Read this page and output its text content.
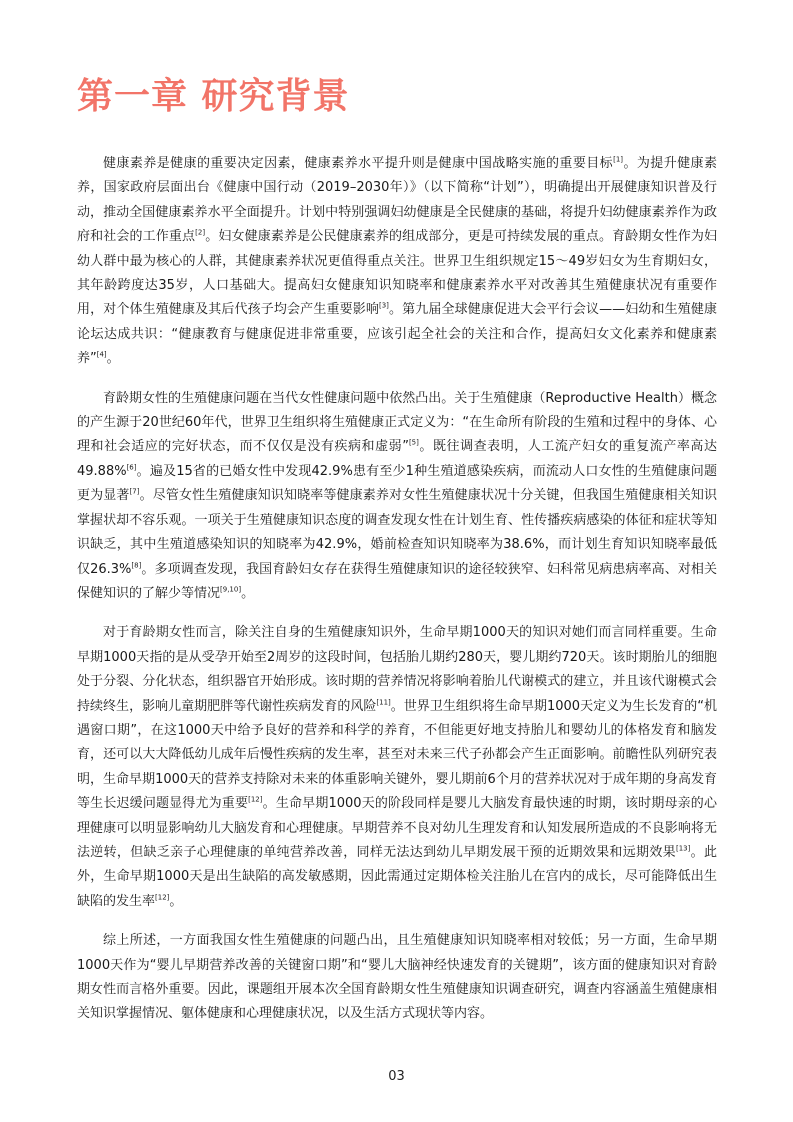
第一章 研究背景

健康素养是健康的重要决定因素，健康素养水平提升则是健康中国战略实施的重要目标[1]。为提升健康素养，国家政府层面出台《健康中国行动（2019–2030年）》（以下简称“计划”），明确提出开展健康知识普及行动，推动全国健康素养水平全面提升。计划中特别强调妇幼健康是全民健康的基础，将提升妇幼健康素养作为政府和社会的工作重点[2]。妇女健康素养是公民健康素养的组成部分，更是可持续发展的重点。育龄期女性作为妇幼人群中最为核心的人群，其健康素养状况更值得重点关注。世界卫生组织规定15～49岁妇女为生育期妇女，其年龄跨度达35岁，人口基础大。提高妇女健康知识知晓率和健康素养水平对改善其生殖健康状况有重要作用，对个体生殖健康及其后代孩子均会产生重要影响[3]。第九届全球健康促进大会平行会议——妇幼和生殖健康论坛达成共识：“健康教育与健康促进非常重要，应该引起全社会的关注和合作，提高妇女文化素养和健康素养”[4]。

育龄期女性的生殖健康问题在当代女性健康问题中依然凸出。关于生殖健康（Reproductive Health）概念的产生源于20世纪60年代，世界卫生组织将生殖健康正式定义为：“在生命所有阶段的生殖和过程中的身体、心理和社会适应的完好状态，而不仅仅是没有疾病和虚弱”[5]。既往调查表明，人工流产妇女的重复流产率高达49.88%[6]。遍及15省的已婚女性中发现42.9%患有至少1种生殖道感染疾病，而流动人口女性的生殖健康问题更为显著[7]。尽管女性生殖健康知识知晓率等健康素养对女性生殖健康状况十分关键，但我国生殖健康相关知识掌握状却不容乐观。一项关于生殖健康知识态度的调查发现女性在计划生育、性传播疾病感染的体征和症状等知识缺乏，其中生殖道感染知识的知晓率为42.9%，婚前检查知识知晓率为38.6%，而计划生育知识知晓率最低仅26.3%[8]。多项调查发现，我国育龄妇女存在获得生殖健康知识的途径较狭窄、妇科常见病患病率高、对相关保健知识的了解少等情况[9,10]。

对于育龄期女性而言，除关注自身的生殖健康知识外，生命早期1000天的知识对她们而言同样重要。生命早期1000天指的是从受孕开始至2周岁的这段时间，包括胎儿期约280天，婴儿期约720天。该时期胎儿的细胞处于分裂、分化状态，组织器官开始形成。该时期的营养情况将影响着胎儿代谢模式的建立，并且该代谢模式会持续终生，影响儿童期肥胖等代谢性疾病发育的风险[11]。世界卫生组织将生命早期1000天定义为生长发育的“机遇窗口期”，在这1000天中给予良好的营养和科学的养育，不但能更好地支持胎儿和婴幼儿的体格发育和脑发育，还可以大大降低幼儿成年后慢性疾病的发生率，甚至对未来三代子孙都会产生正面影响。前瞻性队列研究表明，生命早期1000天的营养支持除对未来的体重影响关键外，婴儿期前6个月的营养状况对于成年期的身高发育等生长迟缓问题显得尤为重要[12]。生命早期1000天的阶段同样是婴儿大脑发育最快速的时期，该时期母亲的心理健康可以明显影响幼儿大脑发育和心理健康。早期营养不良对幼儿生理发育和认知发展所造成的不良影响将无法逆转，但缺乏亲子心理健康的单纯营养改善，同样无法达到幼儿早期发展干预的近期效果和远期效果[13]。此外，生命早期1000天是出生缺陷的高发敏感期，因此需通过定期体检关注胎儿在宫内的成长，尽可能降低出生缺陷的发生率[12]。

综上所述，一方面我国女性生殖健康的问题凸出，且生殖健康知识知晓率相对较低；另一方面，生命早期1000天作为“婴儿早期营养改善的关键窗口期”和“婴儿大脑神经快速发育的关键期”，该方面的健康知识对育龄期女性而言格外重要。因此，课题组开展本次全国育龄期女性生殖健康知识调查研究，调查内容涵盖生殖健康相关知识掌握情况、躯体健康和心理健康状况，以及生活方式现状等内容。

03
